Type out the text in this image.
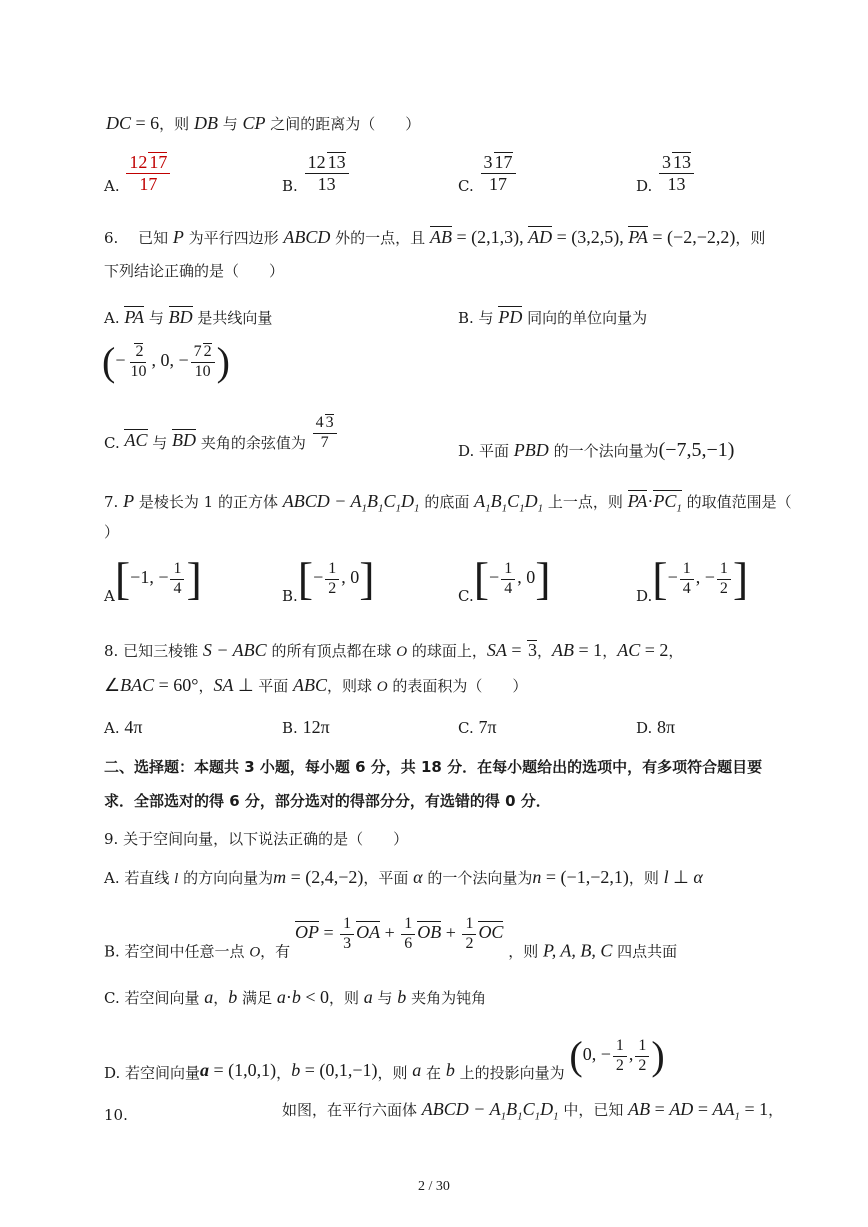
DC = 6，则 DB 与 CP 之间的距离为（　　）
A. $\frac{12 17}{17}$	B. $\frac{12 13}{13}$	C. $\frac{3 17}{17}$	D. $\frac{3 13}{13}$
6.　 已知 P 为平行四边形 ABCD 外的一点，且 AB = (2,1,3), AD = (3,2,5), PA = (−2,−2,2)，则
下列结论正确的是（　　）
A. PA 与 BD 是共线向量	B. 与 PD 同向的单位向量为
(− $\frac{2}{10}$ , 0, − $\frac{7 2}{10}$ )
C. AC 与 BD 夹角的余弦值为 $\frac{4 3}{7}$	D. 平面 PBD 的一个法向量为(−7,5,−1)
7. P 是棱长为 1 的正方体 ABCD − $A_1B_1C_1D_1$ 的底面 $A_1B_1C_1D_1$ 上一点，则 $PA\cdot PC_1$ 的取值范围是（
）
A[−1, − $\frac{1}{4}$ ]	$B.[- \frac{1}{2}$ , 0]	$C.[- \frac{1}{4}$ , 0]	$D.[- \frac{1}{4}$ , − $\frac{1}{2}$ ]
8. 已知三棱锥 S − ABC 的所有顶点都在球 O 的球面上，SA = 3，AB = 1，AC = 2，
∠BAC = 60°，SA ⊥ 平面 ABC，则球 O 的表面积为（　　）
A. 4π	B. 12π	C. 7π	D. 8π
二、选择题：本题共 3 小题，每小题 6 分，共 18 分．在每小题给出的选项中，有多项符合题目要
求．全部选对的得 6 分，部分选对的得部分分，有选错的得 0 分．
9. 关于空间向量，以下说法正确的是（　　）
A. 若直线 l 的方向向量为m = (2,4,−2)，平面 α 的一个法向量为n = (−1,−2,1)，则 l ⊥ α
B. 若空间中任意一点 O，有 OP = $\frac{1}{3}$ OA + $\frac{1}{6}$ OB + $\frac{1}{2}$ OC ，则 P, A, B, C 四点共面
C. 若空间向量 a，b 满足 a·b < 0，则 a 与 b 夹角为钝角
D. 若空间向量a = (1,0,1)，b = (0,1,−1)，则 a 在 b 上的投影向量为 (0, − $\frac{1}{2}$ , $\frac{1}{2}$ )
10.	如图，在平行六面体 ABCD − $A_1B_1C_1D_1$ 中，已知 AB = AD = $AA_1 = 1$，
2 / 30
